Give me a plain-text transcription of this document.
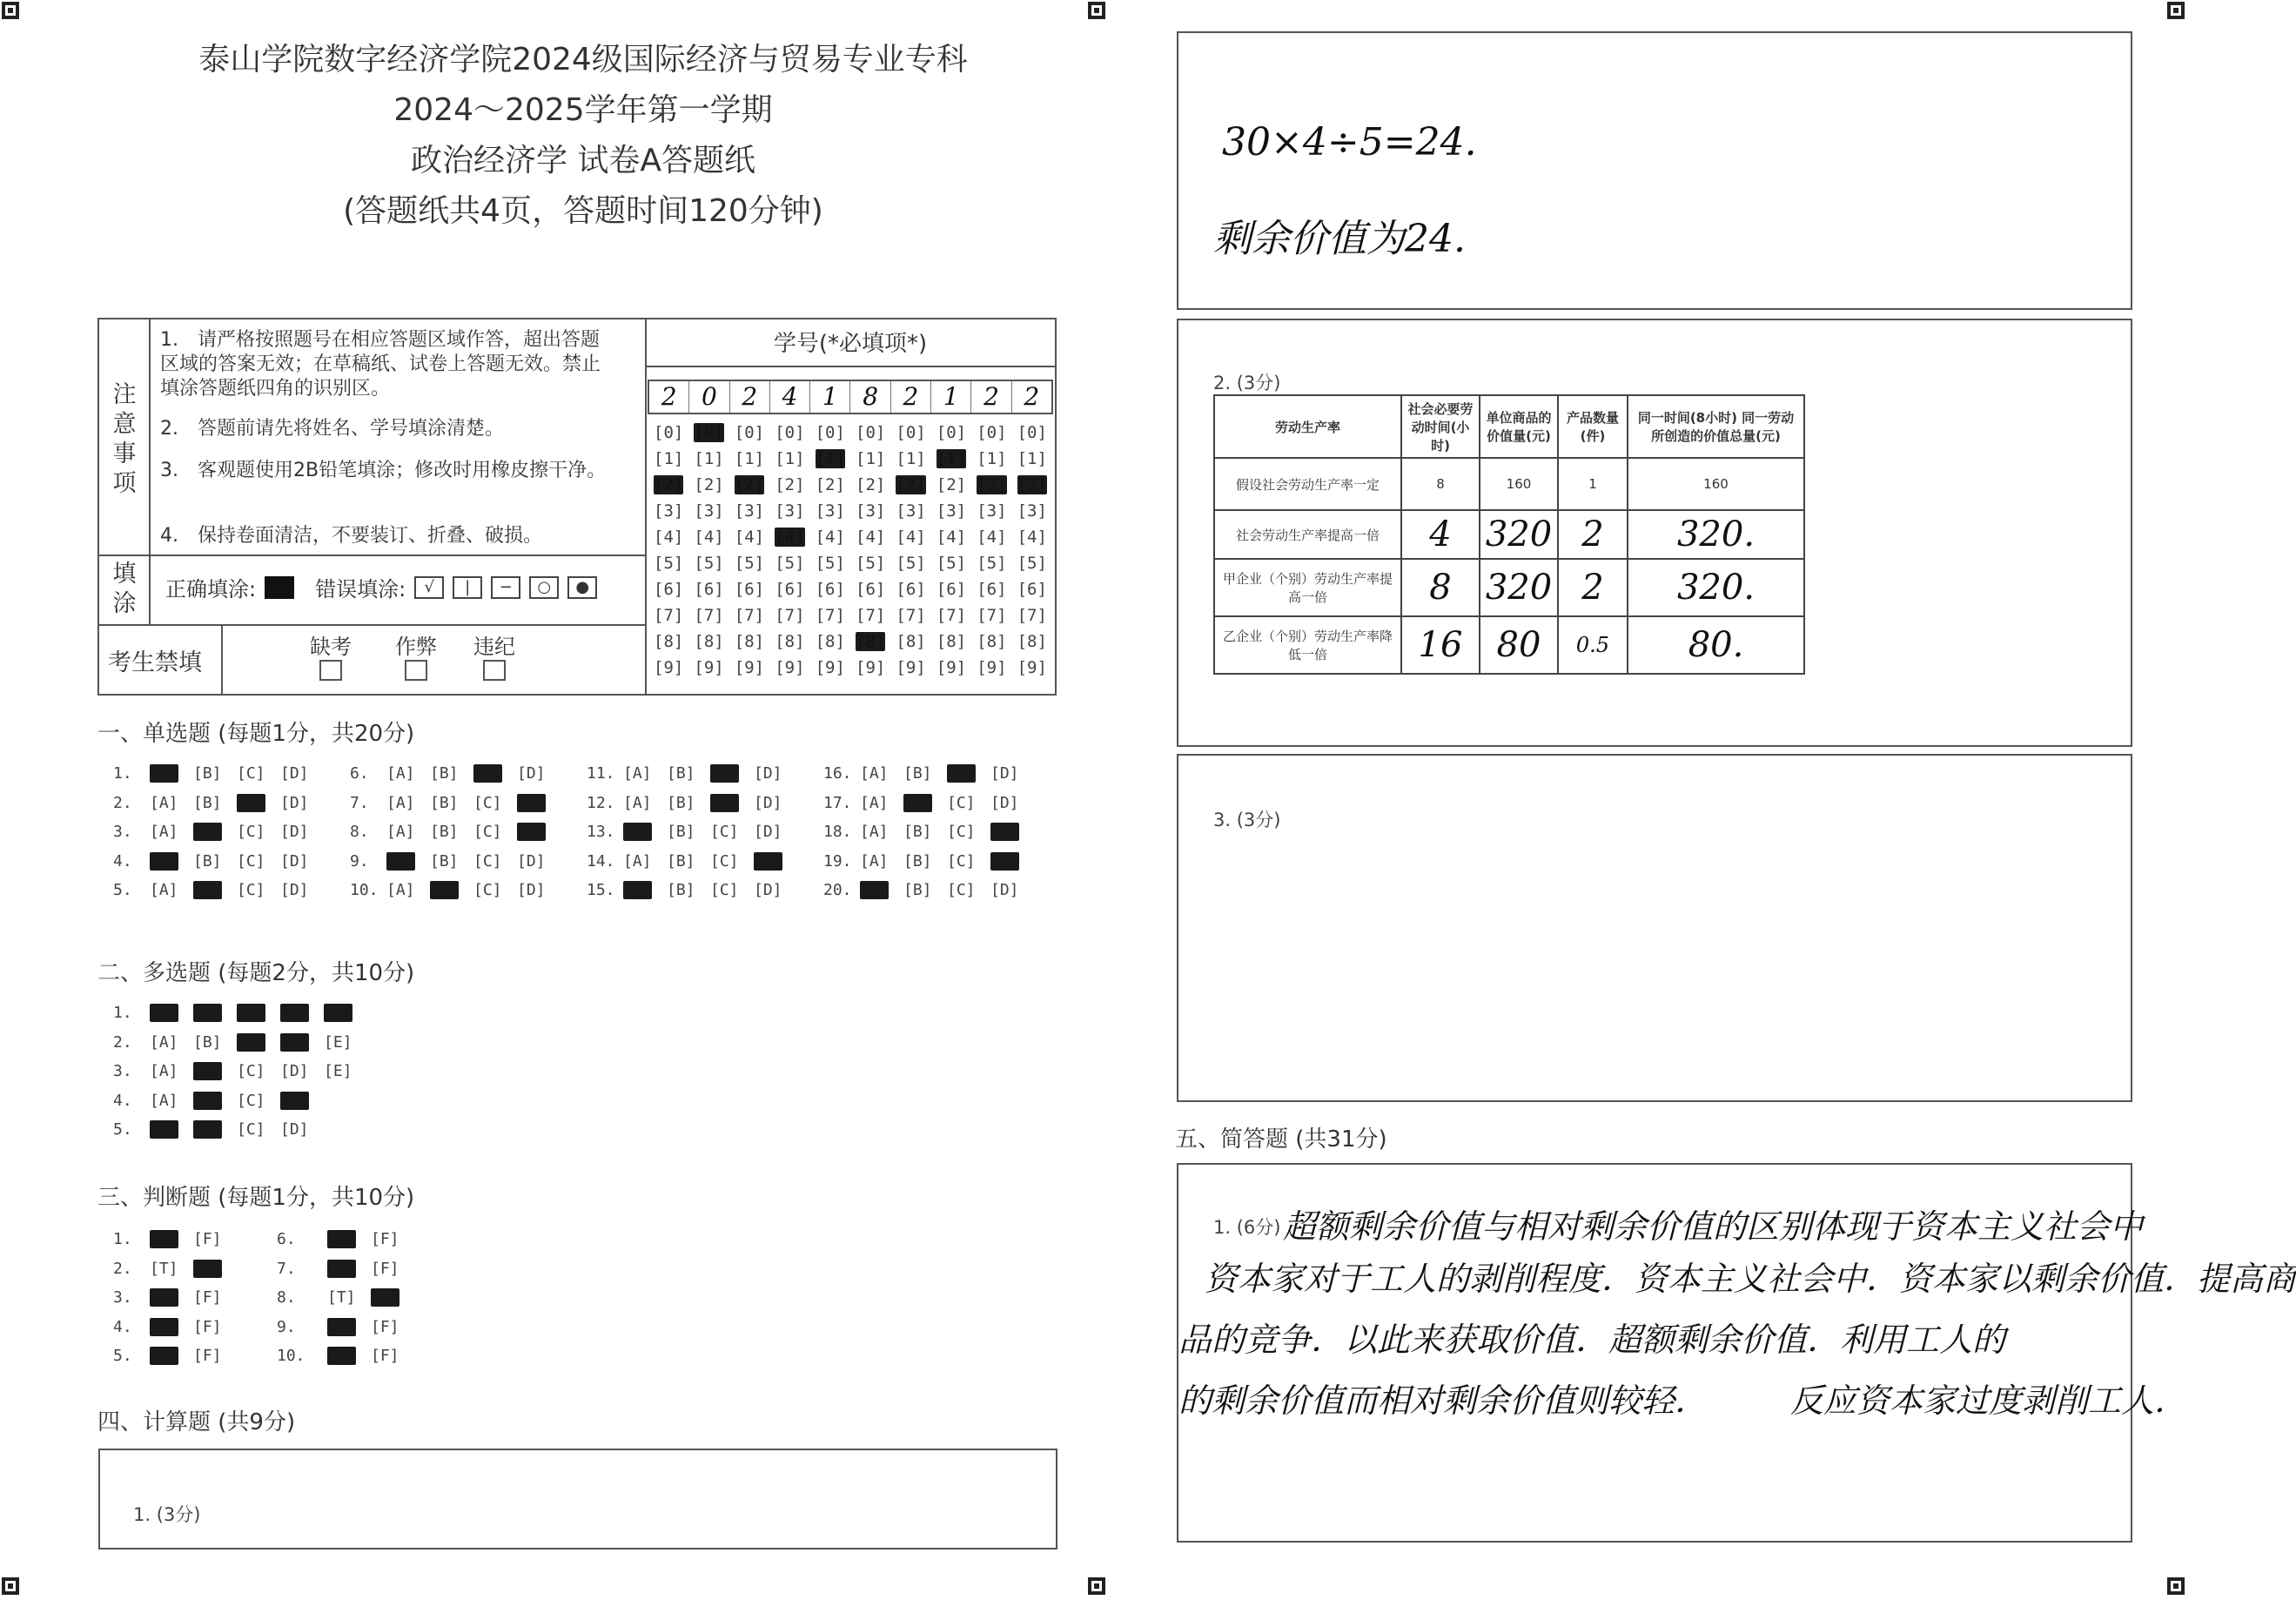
泰山学院数字经济学院2024级国际经济与贸易专业专科
2024～2025学年第一学期
政治经济学 试卷A答题纸
(答题纸共4页，答题时间120分钟)
注
意
事
项
1.　请严格按照题号在相应答题区域作答，超出答题区域的答案无效；在草稿纸、试卷上答题无效。禁止填涂答题纸四角的识别区。
2.　答题前请先将姓名、学号填涂清楚。
3.　客观题使用2B铅笔填涂；修改时用橡皮擦干净。
4.　保持卷面清洁，不要装订、折叠、破损。
填
涂
正确填涂:	错误填涂:	√	|	−	○	●
考生禁填
缺考 作弊 违纪
学号(*必填项*)
2	0	2	4	1	8	2	1	2	2
[0] [0] [0] [0] [0] [0] [0] [0] [0] [0]
[1] [1] [1] [1] [1] [1] [1] [1] [1] [1]
[2] [2] [2] [2] [2] [2] [2] [2] [2] [2]
[3] [3] [3] [3] [3] [3] [3] [3] [3] [3]
[4] [4] [4] [4] [4] [4] [4] [4] [4] [4]
[5] [5] [5] [5] [5] [5] [5] [5] [5] [5]
[6] [6] [6] [6] [6] [6] [6] [6] [6] [6]
[7] [7] [7] [7] [7] [7] [7] [7] [7] [7]
[8] [8] [8] [8] [8] [8] [8] [8] [8] [8]
[9] [9] [9] [9] [9] [9] [9] [9] [9] [9]
一、单选题 (每题1分，共20分)
二、多选题 (每题2分，共10分)
三、判断题 (每题1分，共10分)
四、计算题 (共9分)
五、简答题 (共31分)
1. [A] [B] [C] [D]
2. [A] [B] [C] [D]
3. [A] [B] [C] [D]
4. [A] [B] [C] [D]
5. [A] [B] [C] [D]
6. [A] [B] [C] [D]
7. [A] [B] [C] [D]
8. [A] [B] [C] [D]
9. [A] [B] [C] [D]
10. [A] [B] [C] [D]
11. [A] [B] [C] [D]
12. [A] [B] [C] [D]
13. [A] [B] [C] [D]
14. [A] [B] [C] [D]
15. [A] [B] [C] [D]
16. [A] [B] [C] [D]
17. [A] [B] [C] [D]
18. [A] [B] [C] [D]
19. [A] [B] [C] [D]
20. [A] [B] [C] [D]
1. [A] [B] [C] [D] [E]
2. [A] [B] [C] [D] [E]
3. [A] [B] [C] [D] [E]
4. [A] [B] [C] [D]
5. [A] [B] [C] [D]
1. [T] [F]
2. [T] [F]
3. [T] [F]
4. [T] [F]
5. [T] [F]
6. [T] [F]
7. [T] [F]
8. [T] [F]
9. [T] [F]
10. [T] [F]
1. (3分)
30×4÷5=24.
剩余价值为24.
2. (3分)
劳动生产率	社会必要劳动时间(小时)	单位商品的价值量(元)	产品数量(件)	同一时间(8小时) 同一劳动所创造的价值总量(元)
假设社会劳动生产率一定	8	160	1	160
社会劳动生产率提高一倍	4	320	2	320.
甲企业（个别）劳动生产率提高一倍	8	320	2	320.
乙企业（个别）劳动生产率降低一倍	16	80	0.5	80.
3. (3分)
1. (6分) 超额剩余价值与相对剩余价值的区别体现于资本主义社会中
资本家对于工人的剥削程度．资本主义社会中．资本家以剩余价值．提高商
品的竞争．以此来获取价值．超额剩余价值．利用工人的
的剩余价值而相对剩余价值则较轻．　　　反应资本家过度剥削工人．
